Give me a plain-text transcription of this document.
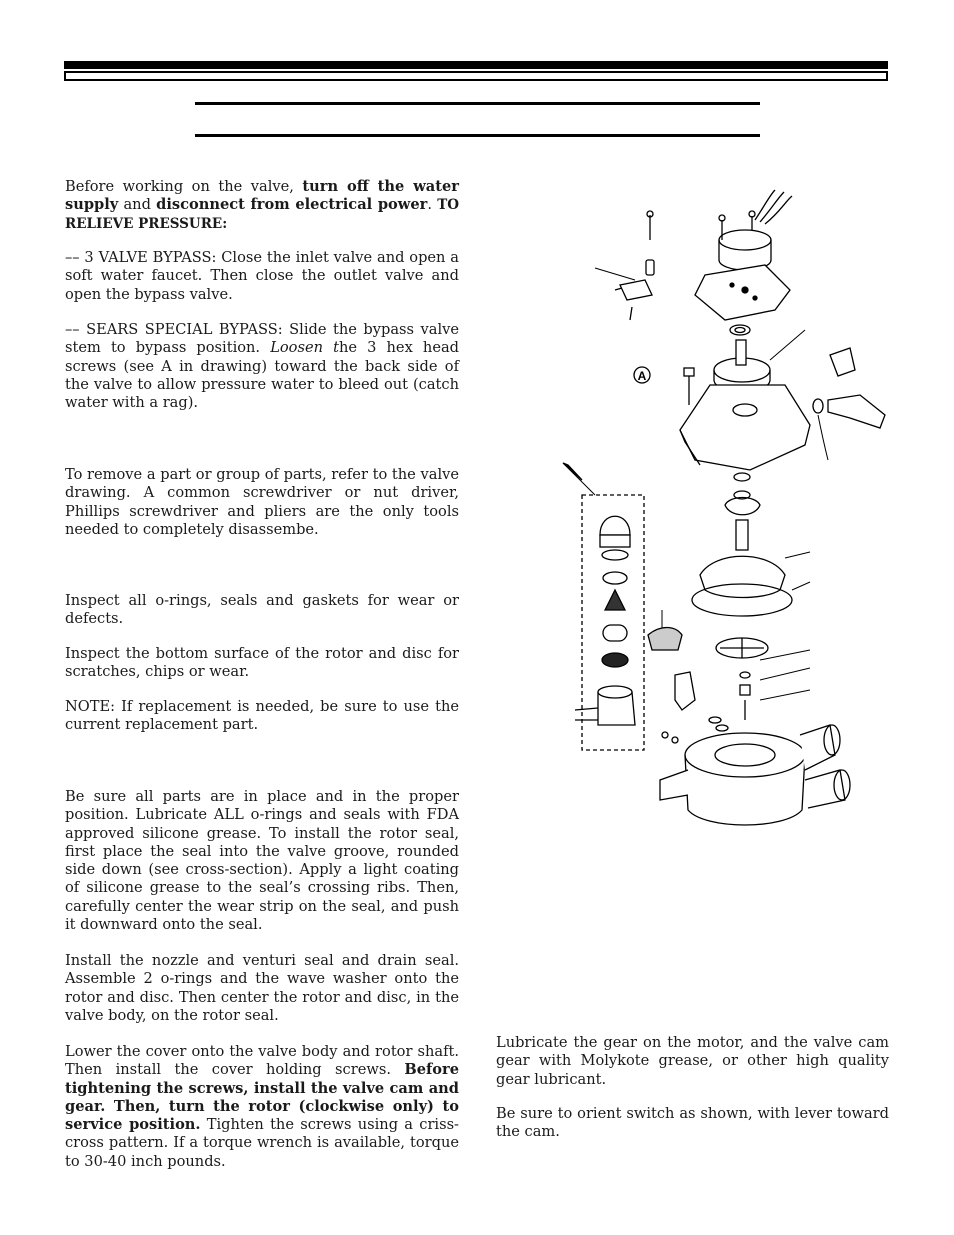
Before working on the valve, turn off the water supply and disconnect from electrical power. TO RELIEVE PRESSURE:

–– 3 VALVE BYPASS: Close the inlet valve and open a soft water faucet. Then close the outlet valve and open the bypass valve.

–– SEARS SPECIAL BYPASS: Slide the bypass valve stem to bypass position. Loosen the 3 hex head screws (see A in drawing) toward the back side of the valve to allow pressure water to bleed out (catch water with a rag).

To remove a part or group of parts, refer to the valve drawing. A common screwdriver or nut driver, Phillips screwdriver and pliers are the only tools needed to completely disassembe.

Inspect all o-rings, seals and gaskets for wear or defects.

Inspect the bottom surface of the rotor and disc for scratches, chips or wear.

NOTE: If replacement is needed, be sure to use the current replacement part.

Be sure all parts are in place and in the proper position. Lubricate ALL o-rings and seals with FDA approved silicone grease. To install the rotor seal, first place the seal into the valve groove, rounded side down (see cross-section). Apply a light coating of silicone grease to the seal’s crossing ribs. Then, carefully center the wear strip on the seal, and push it downward onto the seal.

Install the nozzle and venturi seal and drain seal. Assemble 2 o-rings and the wave washer onto the rotor and disc. Then center the rotor and disc, in the valve body, on the rotor seal.

Lower the cover onto the valve body and rotor shaft. Then install the cover holding screws. Before tightening the screws, install the valve cam and gear. Then, turn the rotor (clockwise only) to service position. Tighten the screws using a criss-cross pattern. If a torque wrench is available, torque to 30-40 inch pounds.

Lubricate the gear on the motor, and the valve cam gear with Molykote grease, or other high quality gear lubricant.

Be sure to orient switch as shown, with lever toward the cam.

A
